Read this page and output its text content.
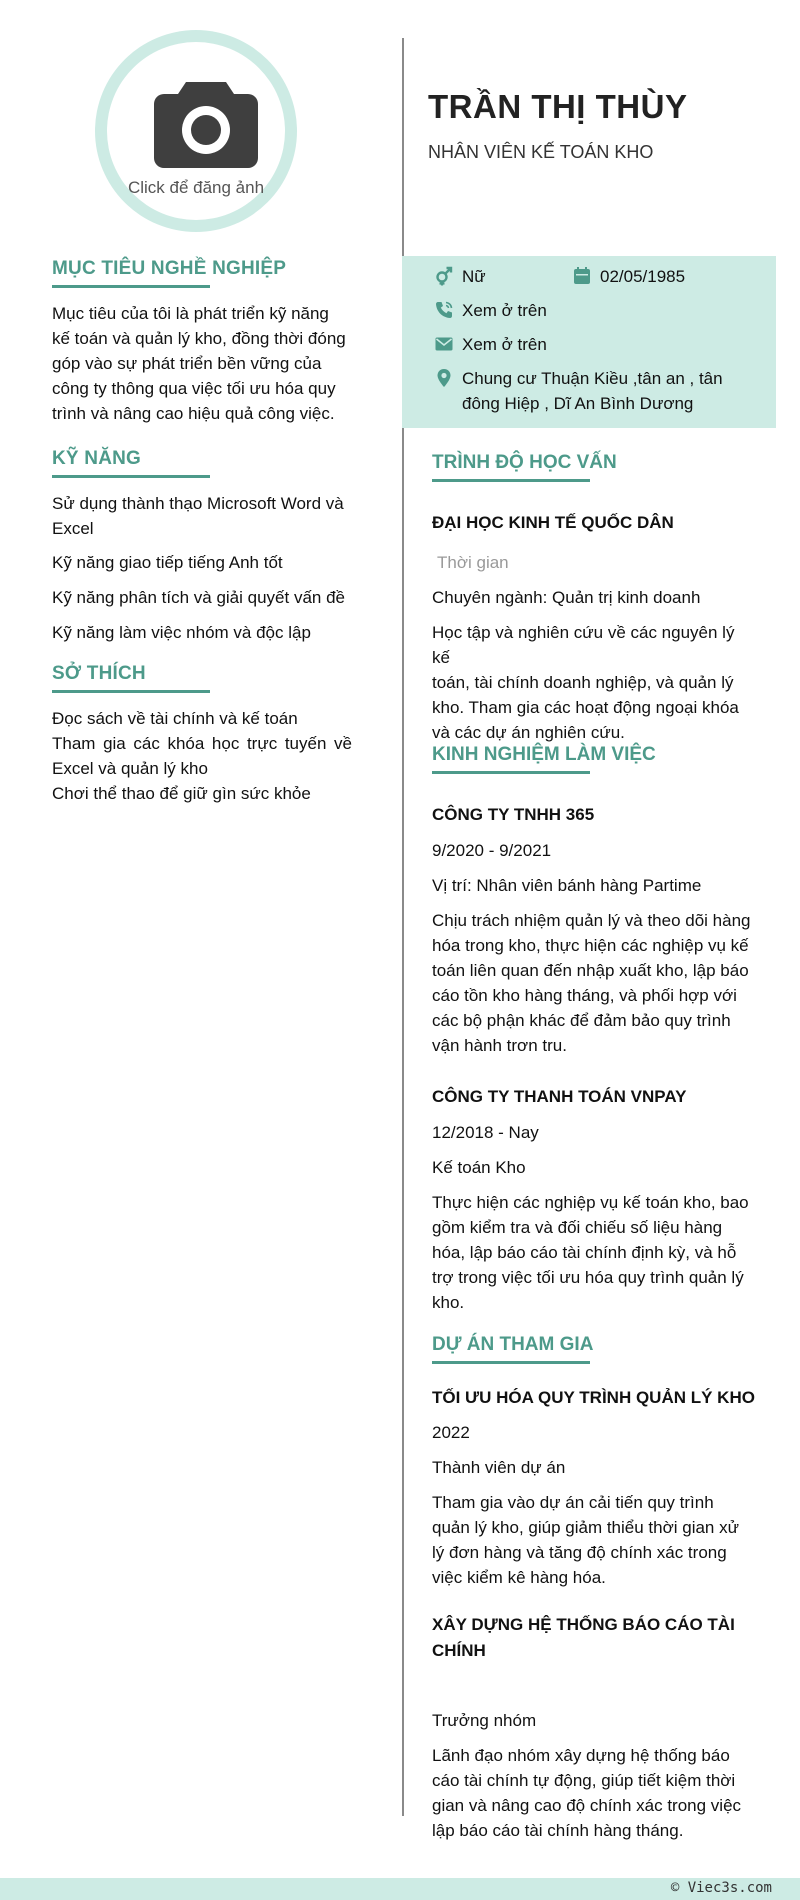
Click để đăng ảnh
MỤC TIÊU NGHỀ NGHIỆP
Mục tiêu của tôi là phát triển kỹ năng
kế toán và quản lý kho, đồng thời đóng
góp vào sự phát triển bền vững của
công ty thông qua việc tối ưu hóa quy
trình và nâng cao hiệu quả công việc.
KỸ NĂNG
Sử dụng thành thạo Microsoft Word và Excel
Kỹ năng giao tiếp tiếng Anh tốt
Kỹ năng phân tích và giải quyết vấn đề
Kỹ năng làm việc nhóm và độc lập
SỞ THÍCH
Đọc sách về tài chính và kế toán
Tham gia các khóa học trực tuyến về Excel và quản lý kho
Chơi thể thao để giữ gìn sức khỏe
TRẦN THỊ THÙY
NHÂN VIÊN KẾ TOÁN KHO
Nữ	02/05/1985
Xem ở trên
Xem ở trên
Chung cư Thuận Kiều ,tân an , tân
đông Hiệp , Dĩ An Bình Dương
TRÌNH ĐỘ HỌC VẤN
ĐẠI HỌC KINH TẾ QUỐC DÂN
Thời gian
Chuyên ngành: Quản trị kinh doanh
Học tập và nghiên cứu về các nguyên lý kế
toán, tài chính doanh nghiệp, và quản lý
kho. Tham gia các hoạt động ngoại khóa
và các dự án nghiên cứu.
KINH NGHIỆM LÀM VIỆC
CÔNG TY TNHH 365
9/2020 - 9/2021
Vị trí: Nhân viên bánh hàng Partime
Chịu trách nhiệm quản lý và theo dõi hàng
hóa trong kho, thực hiện các nghiệp vụ kế
toán liên quan đến nhập xuất kho, lập báo
cáo tồn kho hàng tháng, và phối hợp với
các bộ phận khác để đảm bảo quy trình
vận hành trơn tru.
CÔNG TY THANH TOÁN VNPAY
12/2018 - Nay
Kế toán Kho
Thực hiện các nghiệp vụ kế toán kho, bao
gồm kiểm tra và đối chiếu số liệu hàng
hóa, lập báo cáo tài chính định kỳ, và hỗ
trợ trong việc tối ưu hóa quy trình quản lý
kho.
DỰ ÁN THAM GIA
TỐI ƯU HÓA QUY TRÌNH QUẢN LÝ KHO
2022
Thành viên dự án
Tham gia vào dự án cải tiến quy trình
quản lý kho, giúp giảm thiểu thời gian xử
lý đơn hàng và tăng độ chính xác trong
việc kiểm kê hàng hóa.
XÂY DỰNG HỆ THỐNG BÁO CÁO TÀI
CHÍNH
Trưởng nhóm
Lãnh đạo nhóm xây dựng hệ thống báo
cáo tài chính tự động, giúp tiết kiệm thời
gian và nâng cao độ chính xác trong việc
lập báo cáo tài chính hàng tháng.
© Viec3s.com
